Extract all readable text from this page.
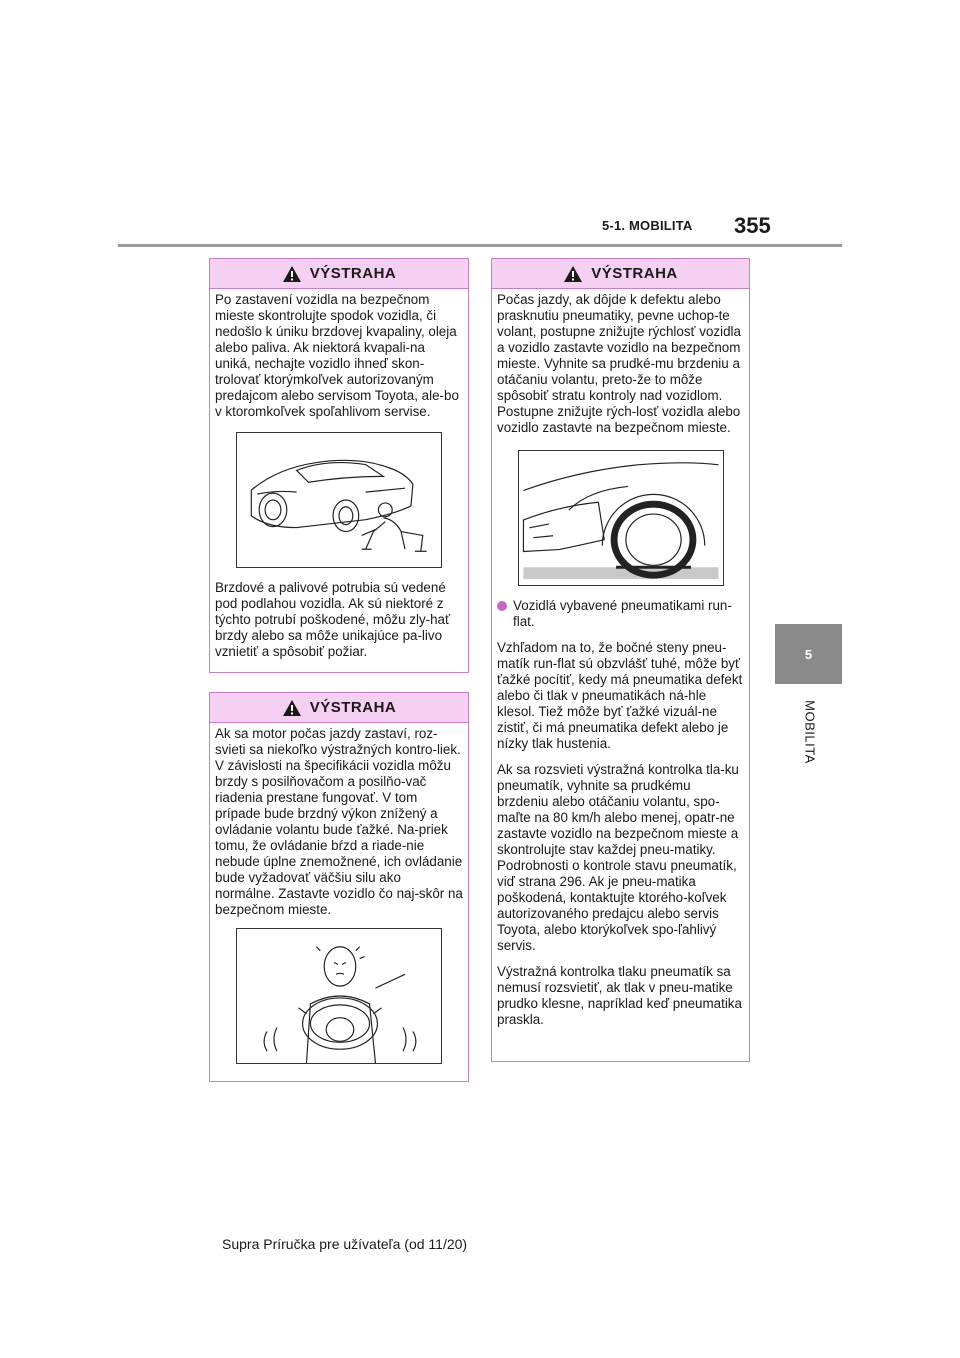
5-1. MOBILITA 355
5
MOBILITA
VÝSTRAHA

Po zastavení vozidla na bezpečnom mieste skontrolujte spodok vozidla, či nedošlo k úniku brzdovej kvapaliny, oleja alebo paliva. Ak niektorá kvapali-na uniká, nechajte vozidlo ihneď skon-trolovať ktorýmkoľvek autorizovaným predajcom alebo servisom Toyota, ale-bo v ktoromkoľvek spoľahlivom servise.

Brzdové a palivové potrubia sú vedené pod podlahou vozidla. Ak sú niektoré z týchto potrubí poškodené, môžu zly-hať brzdy alebo sa môže unikajúce pa-livo vznietiť a spôsobiť požiar.

VÝSTRAHA

Ak sa motor počas jazdy zastaví, roz-svieti sa niekoľko výstražných kontro-liek. V závislosti na špecifikácii vozidla môžu brzdy s posilňovačom a posilňo-vač riadenia prestane fungovať. V tom prípade bude brzdný výkon znížený a ovládanie volantu bude ťažké. Na-priek tomu, že ovládanie bŕzd a riade-nie nebude úplne znemožnené, ich ovládanie bude vyžadovať väčšiu silu ako normálne. Zastavte vozidlo čo naj-skôr na bezpečnom mieste.

VÝSTRAHA

Počas jazdy, ak dôjde k defektu alebo prasknutiu pneumatiky, pevne uchop-te volant, postupne znižujte rýchlosť vozidla a vozidlo zastavte vozidlo na bezpečnom mieste. Vyhnite sa prudké-mu brzdeniu a otáčaniu volantu, preto-že to môže spôsobiť stratu kontroly nad vozidlom. Postupne znižujte rých-losť vozidla alebo vozidlo zastavte na bezpečnom mieste.

Vozidlá vybavené pneumatikami run-flat.

Vzhľadom na to, že bočné steny pneu-matík run-flat sú obzvlášť tuhé, môže byť ťažké pocítiť, kedy má pneumatika defekt alebo či tlak v pneumatikách ná-hle klesol. Tiež môže byť ťažké vizuál-ne zistiť, či má pneumatika defekt alebo je nízky tlak hustenia.

Ak sa rozsvieti výstražná kontrolka tla-ku pneumatík, vyhnite sa prudkému brzdeniu alebo otáčaniu volantu, spo-maľte na 80 km/h alebo menej, opatr-ne zastavte vozidlo na bezpečnom mieste a skontrolujte stav každej pneu-matiky. Podrobnosti o kontrole stavu pneumatík, viď strana 296. Ak je pneu-matika poškodená, kontaktujte ktorého-koľvek autorizovaného predajcu alebo servis Toyota, alebo ktorýkoľvek spo-ľahlivý servis.

Výstražná kontrolka tlaku pneumatík sa nemusí rozsvietiť, ak tlak v pneu-matike prudko klesne, napríklad keď pneumatika praskla.

Supra Príručka pre užívateľa (od 11/20)
